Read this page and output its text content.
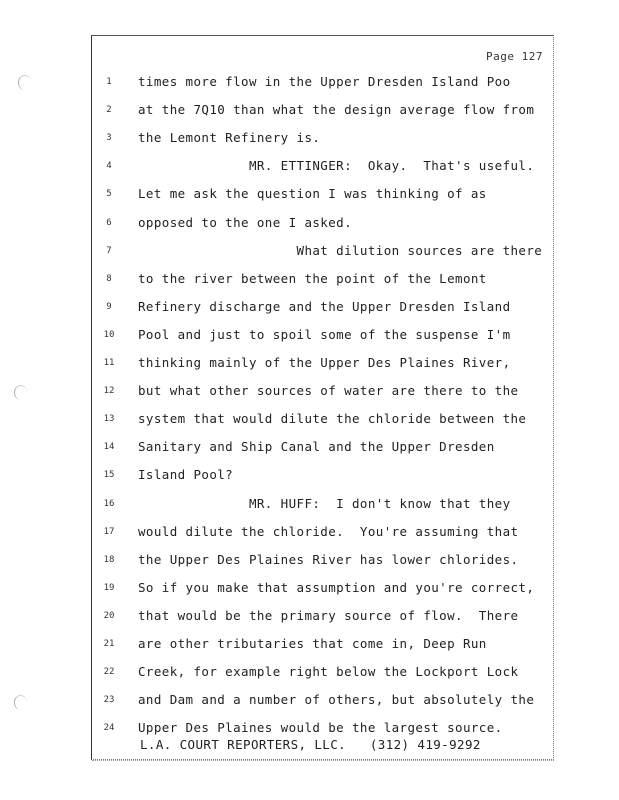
Page 127
1	times more flow in the Upper Dresden Island Poo
2	at the 7Q10 than what the design average flow from
3	the Lemont Refinery is.
4	MR. ETTINGER:  Okay.  That's useful.
5	Let me ask the question I was thinking of as
6	opposed to the one I asked.
7	What dilution sources are there
8	to the river between the point of the Lemont
9	Refinery discharge and the Upper Dresden Island
10 Pool and just to spoil some of the suspense I'm
11 thinking mainly of the Upper Des Plaines River,
12 but what other sources of water are there to the
13 system that would dilute the chloride between the
14 Sanitary and Ship Canal and the Upper Dresden
15 Island Pool?
16 MR. HUFF:  I don't know that they
17 would dilute the chloride.  You're assuming that
18 the Upper Des Plaines River has lower chlorides.
19 So if you make that assumption and you're correct,
20 that would be the primary source of flow.  There
21 are other tributaries that come in, Deep Run
22 Creek, for example right below the Lockport Lock
23 and Dam and a number of others, but absolutely the
24 Upper Des Plaines would be the largest source.
L.A. COURT REPORTERS, LLC.   (312) 419-9292
